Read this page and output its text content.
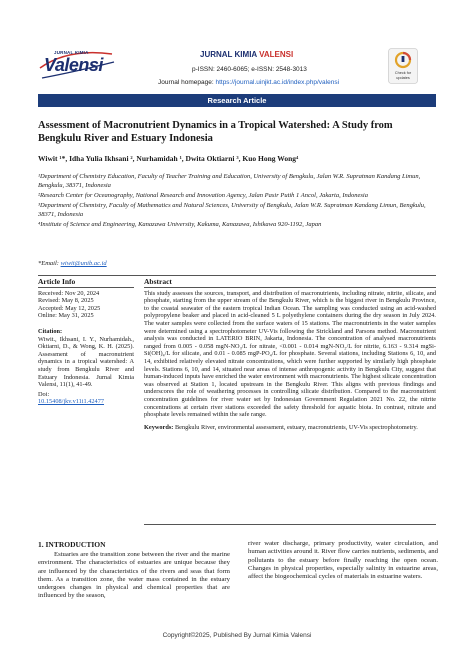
JURNAL KIMIA
Valensi
JURNAL KIMIA VALENSI
p-ISSN: 2460-6065; e-ISSN: 2548-3013
Journal homepage: https://journal.uinjkt.ac.id/index.php/valensi
Check for
updates
Research Article
Assessment of Macronutrient Dynamics in a Tropical Watershed: A Study from Bengkulu River and Estuary Indonesia
Wiwit ¹*, Idha Yulia Ikhsani ², Nurhamidah ¹, Dwita Oktiarni ³, Kuo Hong Wong⁴
¹Department of Chemistry Education, Faculty of Teacher Training and Education, University of Bengkulu, Jalan W.R. Supratman Kandang Limun, Bengkulu, 38371, Indonesia
²Research Center for Oceanography, National Research and Innovation Agency, Jalan Pasir Putih 1 Ancol, Jakarta, Indonesia
³Department of Chemistry, Faculty of Mathematics and Natural Sciences, University of Bengkulu, Jalan W.R. Supratman Kandang Limun, Bengkulu, 38371, Indonesia
⁴Institute of Science and Engineering, Kanazawa University, Kakuma, Kanazawa, Ishikawa 920-1192, Japan
*Email: wiwit@unib.ac.id
Article Info
Received: Nov 20, 2024
Revised: May 8, 2025
Accepted: May 12, 2025
Online: May 31, 2025
Citation:
Wiwit., Ikhsani, I. Y., Nurhamidah., Oktiarni, D., & Wong, K. H. (2025). Assessment of macronutrient dynamics in a tropical watershed: A study from Bengkulu River and Estuary Indonesia. Jurnal Kimia Valensi, 11(1), 41-49.
Doi:
10.15408/jkv.v11i1.42477
Abstract
This study assesses the sources, transport, and distribution of macronutrients, including nitrate, nitrite, silicate, and phosphate, starting from the upper stream of the Bengkulu River, which is the biggest river in Bengkulu Province, to the coastal seawater of the eastern tropical Indian Ocean. The sampling was conducted using an acid-washed polypropylene beaker and placed in acid-cleaned 5 L polyethylene containers during the dry season in July 2024. The water samples were collected from the surface waters of 15 stations. The macronutrients in the water samples were determined using a spectrophotometer UV-Vis following the Strickland and Parsons method. Macronutrient analysis was conducted in LATERIO BRIN, Jakarta, Indonesia. The concentration of analysed macronutrients ranged from 0.005 - 0.058 mgN-NO₃/L for nitrate, <0.001 - 0.014 mgN-NO₂/L for nitrite, 6.163 - 9.314 mgSi-Si(OH)₄/L for silicate, and 0.01 - 0.085 mgP-PO₄/L for phosphate. Several stations, including Stations 6, 10, and 14, exhibited relatively elevated nitrate concentrations, which were further supported by similarly high phosphate levels. Stations 6, 10, and 14, situated near areas of intense anthropogenic activity in Bengkulu City, suggest that human-induced inputs have enriched the water environment with macronutrients. The highest silicate concentration was observed at Station 1, located upstream in the Bengkulu River. This aligns with previous findings and underscores the role of weathering processes in controlling silicate distribution. Compared to the macronutrient concentration guidelines for river water set by Indonesian Government Regulation 2021 No. 22, the nitrite concentrations at certain river stations exceeded the safety threshold for aquatic biota. In contrast, nitrate and phosphate levels remained within the safe range.
Keywords: Bengkulu River, environmental assessment, estuary, macronutrients, UV-Vis spectrophotometry.
1. INTRODUCTION
Estuaries are the transition zone between the river and the marine environment. The characteristics of estuaries are unique because they are influenced by the characteristics of the rivers and seas that form them. As a transition zone, the water mass contained in the estuary undergoes changes in physical and chemical properties that are influenced by the season,
river water discharge, primary productivity, water circulation, and human activities around it. River flow carries nutrients, sediments, and pollutants to the estuary before finally reaching the open ocean. Changes in physical properties, especially salinity in estuarine areas, affect the biogeochemical cycles of materials in estuarine waters.
Copyright©2025, Published By Jurnal Kimia Valensi
